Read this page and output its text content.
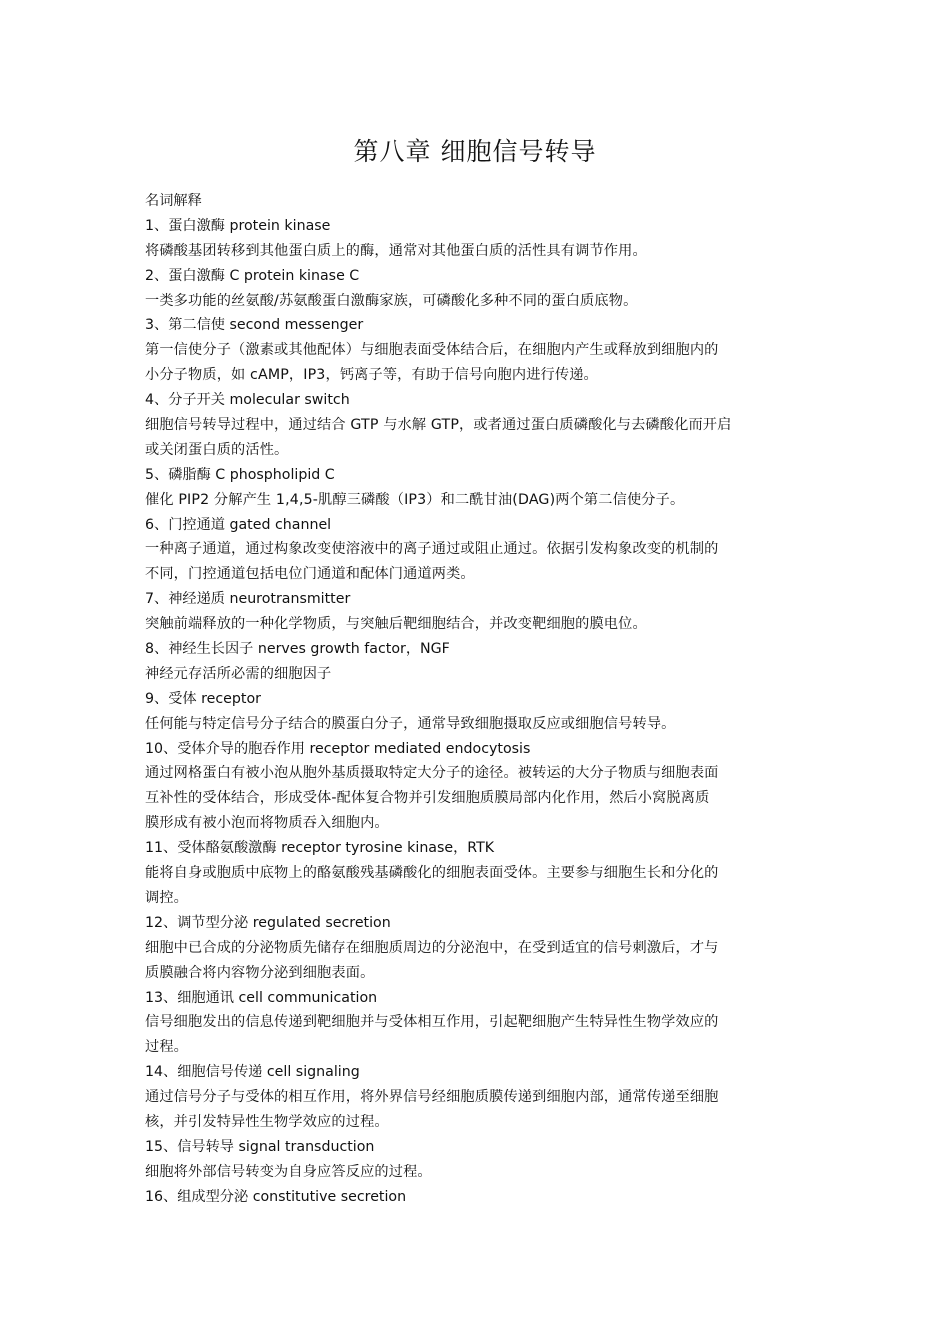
第八章 细胞信号转导
名词解释
1、蛋白激酶 protein kinase
将磷酸基团转移到其他蛋白质上的酶，通常对其他蛋白质的活性具有调节作用。
2、蛋白激酶 C protein kinase C
一类多功能的丝氨酸/苏氨酸蛋白激酶家族，可磷酸化多种不同的蛋白质底物。
3、第二信使 second messenger
第一信使分子（激素或其他配体）与细胞表面受体结合后，在细胞内产生或释放到细胞内的
小分子物质，如 cAMP，IP3，钙离子等，有助于信号向胞内进行传递。
4、分子开关 molecular switch
细胞信号转导过程中，通过结合 GTP 与水解 GTP，或者通过蛋白质磷酸化与去磷酸化而开启
或关闭蛋白质的活性。
5、磷脂酶 C phospholipid C
催化 PIP2 分解产生 1,4,5-肌醇三磷酸（IP3）和二酰甘油(DAG)两个第二信使分子。
6、门控通道 gated channel
一种离子通道，通过构象改变使溶液中的离子通过或阻止通过。依据引发构象改变的机制的
不同，门控通道包括电位门通道和配体门通道两类。
7、神经递质 neurotransmitter
突触前端释放的一种化学物质，与突触后靶细胞结合，并改变靶细胞的膜电位。
8、神经生长因子 nerves growth factor，NGF
神经元存活所必需的细胞因子
9、受体 receptor
任何能与特定信号分子结合的膜蛋白分子，通常导致细胞摄取反应或细胞信号转导。
10、受体介导的胞吞作用 receptor mediated endocytosis
通过网格蛋白有被小泡从胞外基质摄取特定大分子的途径。被转运的大分子物质与细胞表面
互补性的受体结合，形成受体-配体复合物并引发细胞质膜局部内化作用，然后小窝脱离质
膜形成有被小泡而将物质吞入细胞内。
11、受体酪氨酸激酶 receptor tyrosine kinase，RTK
能将自身或胞质中底物上的酪氨酸残基磷酸化的细胞表面受体。主要参与细胞生长和分化的
调控。
12、调节型分泌 regulated secretion
细胞中已合成的分泌物质先储存在细胞质周边的分泌泡中，在受到适宜的信号刺激后，才与
质膜融合将内容物分泌到细胞表面。
13、细胞通讯 cell communication
信号细胞发出的信息传递到靶细胞并与受体相互作用，引起靶细胞产生特异性生物学效应的
过程。
14、细胞信号传递 cell signaling
通过信号分子与受体的相互作用，将外界信号经细胞质膜传递到细胞内部，通常传递至细胞
核，并引发特异性生物学效应的过程。
15、信号转导 signal transduction
细胞将外部信号转变为自身应答反应的过程。
16、组成型分泌 constitutive secretion
